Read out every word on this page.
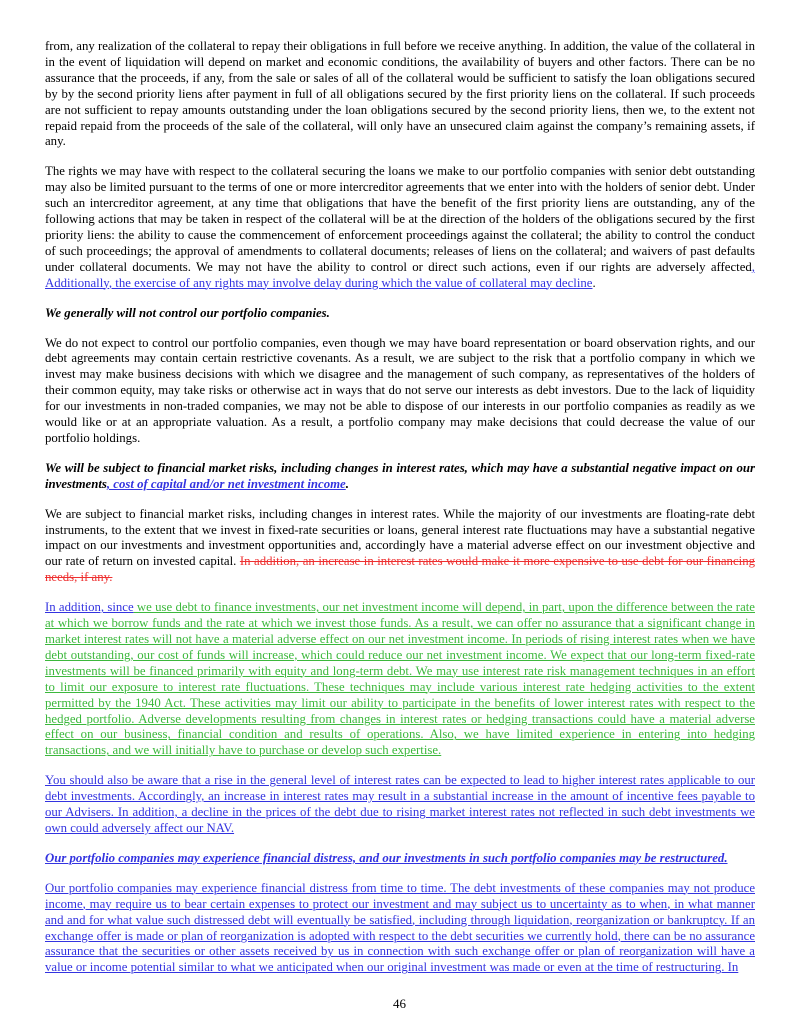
from, any realization of the collateral to repay their obligations in full before we receive anything. In addition, the value of the collateral in in the event of liquidation will depend on market and economic conditions, the availability of buyers and other factors. There can be no assurance that the proceeds, if any, from the sale or sales of all of the collateral would be sufficient to satisfy the loan obligations secured by by the second priority liens after payment in full of all obligations secured by the first priority liens on the collateral. If such proceeds are not sufficient to repay amounts outstanding under the loan obligations secured by the second priority liens, then we, to the extent not repaid repaid from the proceeds of the sale of the collateral, will only have an unsecured claim against the company’s remaining assets, if any.

The rights we may have with respect to the collateral securing the loans we make to our portfolio companies with senior debt outstanding may also be limited pursuant to the terms of one or more intercreditor agreements that we enter into with the holders of senior debt. Under such an intercreditor agreement, at any time that obligations that have the benefit of the first priority liens are outstanding, any of the following actions that may be taken in respect of the collateral will be at the direction of the holders of the obligations secured by the first priority liens: the ability to cause the commencement of enforcement proceedings against the collateral; the ability to control the conduct of such proceedings; the approval of amendments to collateral documents; releases of liens on the collateral; and waivers of past defaults under collateral documents. We may not have the ability to control or direct such actions, even if our rights are adversely affected, Additionally, the exercise of any rights may involve delay during which the value of collateral may decline.

We generally will not control our portfolio companies.

We do not expect to control our portfolio companies, even though we may have board representation or board observation rights, and our debt agreements may contain certain restrictive covenants. As a result, we are subject to the risk that a portfolio company in which we invest may make business decisions with which we disagree and the management of such company, as representatives of the holders of their common equity, may take risks or otherwise act in ways that do not serve our interests as debt investors. Due to the lack of liquidity for our investments in non-traded companies, we may not be able to dispose of our interests in our portfolio companies as readily as we would like or at an appropriate valuation. As a result, a portfolio company may make decisions that could decrease the value of our portfolio holdings.

We will be subject to financial market risks, including changes in interest rates, which may have a substantial negative impact on our investments, cost of capital and/or net investment income.

We are subject to financial market risks, including changes in interest rates. While the majority of our investments are floating-rate debt instruments, to the extent that we invest in fixed-rate securities or loans, general interest rate fluctuations may have a substantial negative impact on our investments and investment opportunities and, accordingly have a material adverse effect on our investment objective and our rate of return on invested capital. In addition, an increase in interest rates would make it more expensive to use debt for our financing needs, if any.

In addition, since we use debt to finance investments, our net investment income will depend, in part, upon the difference between the rate at which we borrow funds and the rate at which we invest those funds. As a result, we can offer no assurance that a significant change in market interest rates will not have a material adverse effect on our net investment income. In periods of rising interest rates when we have debt outstanding, our cost of funds will increase, which could reduce our net investment income. We expect that our long-term fixed-rate investments will be financed primarily with equity and long-term debt. We may use interest rate risk management techniques in an effort to limit our exposure to interest rate fluctuations. These techniques may include various interest rate hedging activities to the extent permitted by the 1940 Act. These activities may limit our ability to participate in the benefits of lower interest rates with respect to the hedged portfolio. Adverse developments resulting from changes in interest rates or hedging transactions could have a material adverse effect on our business, financial condition and results of operations. Also, we have limited experience in entering into hedging transactions, and we will initially have to purchase or develop such expertise.

You should also be aware that a rise in the general level of interest rates can be expected to lead to higher interest rates applicable to our debt investments. Accordingly, an increase in interest rates may result in a substantial increase in the amount of incentive fees payable to our Advisers. In addition, a decline in the prices of the debt due to rising market interest rates not reflected in such debt investments we own could adversely affect our NAV.

Our portfolio companies may experience financial distress, and our investments in such portfolio companies may be restructured.

Our portfolio companies may experience financial distress from time to time. The debt investments of these companies may not produce income, may require us to bear certain expenses to protect our investment and may subject us to uncertainty as to when, in what manner and and for what value such distressed debt will eventually be satisfied, including through liquidation, reorganization or bankruptcy. If an exchange offer is made or plan of reorganization is adopted with respect to the debt securities we currently hold, there can be no assurance assurance that the securities or other assets received by us in connection with such exchange offer or plan of reorganization will have a value or income potential similar to what we anticipated when our original investment was made or even at the time of restructuring. In

46
